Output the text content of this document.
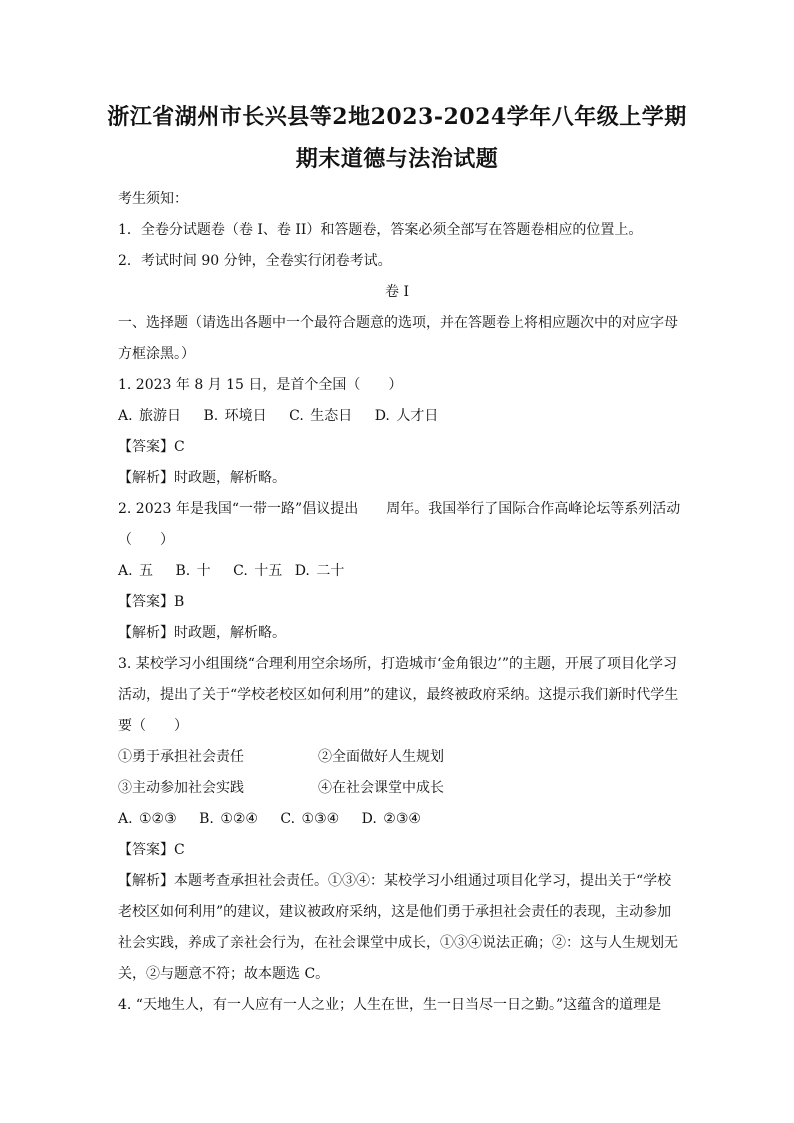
浙江省湖州市长兴县等2地2023-2024学年八年级上学期
期末道德与法治试题
考生须知：
1．全卷分试题卷（卷 I、卷 II）和答题卷，答案必须全部写在答题卷相应的位置上。
2．考试时间 90 分钟，全卷实行闭卷考试。
卷 I
一、选择题（请选出各题中一个最符合题意的选项，并在答题卷上将相应题次中的对应字母
方框涂黑。）
1. 2023 年 8 月 15 日，是首个全国（　　）
A. 旅游日 B. 环境日 C. 生态日 D. 人才日
【答案】C
【解析】时政题，解析略。
2. 2023 年是我国“一带一路”倡议提出　　周年。我国举行了国际合作高峰论坛等系列活动
（　　）
A. 五 B. 十 C. 十五 D. 二十
【答案】B
【解析】时政题，解析略。
3. 某校学习小组围绕“合理利用空余场所，打造城市‘金角银边’”的主题，开展了项目化学习
活动，提出了关于“学校老校区如何利用”的建议，最终被政府采纳。这提示我们新时代学生
要（　　）
①勇于承担社会责任	②全面做好人生规划
③主动参加社会实践	④在社会课堂中成长
A. ①②③ B. ①②④ C. ①③④ D. ②③④
【答案】C
【解析】本题考查承担社会责任。①③④：某校学习小组通过项目化学习，提出关于“学校
老校区如何利用”的建议，建议被政府采纳，这是他们勇于承担社会责任的表现，主动参加
社会实践，养成了亲社会行为，在社会课堂中成长，①③④说法正确；②：这与人生规划无
关，②与题意不符；故本题选 C。
4. “天地生人，有一人应有一人之业；人生在世，生一日当尽一日之勤。”这蕴含的道理是
